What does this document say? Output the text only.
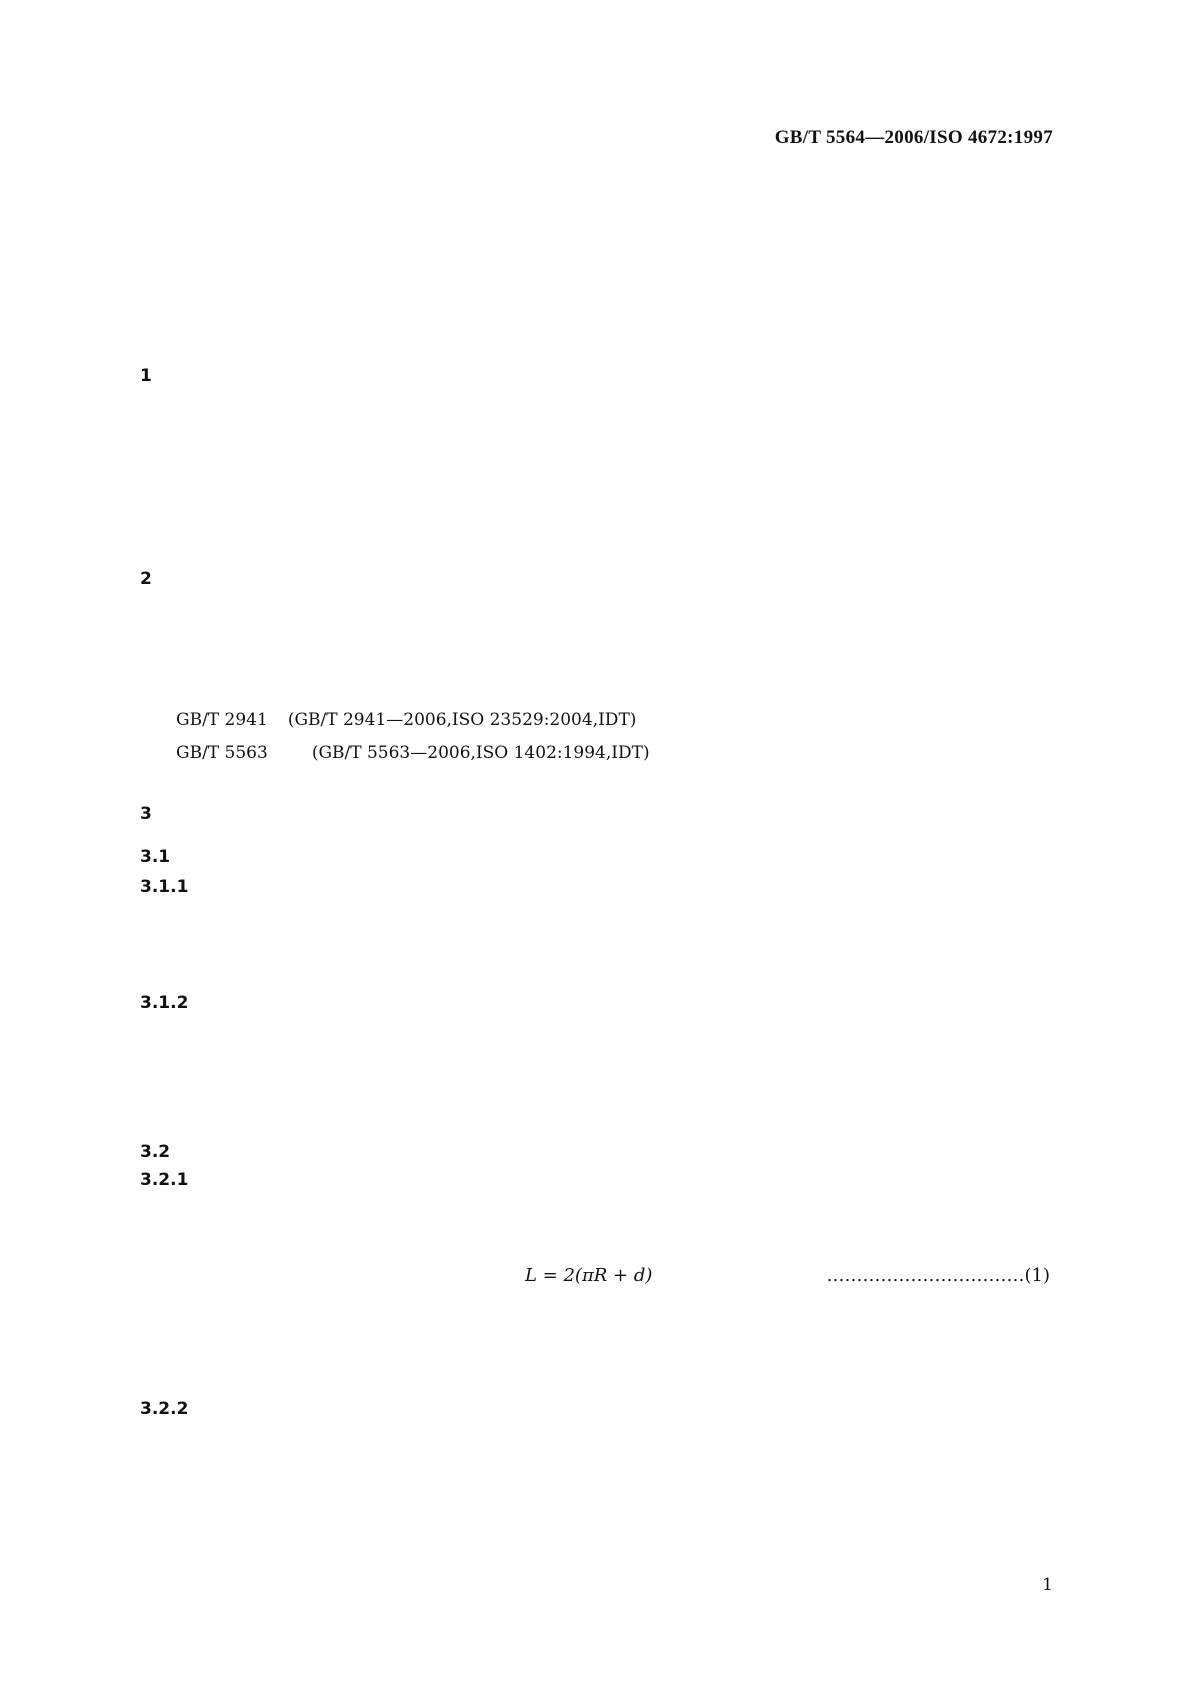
GB/T 5564—2006/ISO 4672:1997
1
2
GB/T 2941 (GB/T 2941—2006,ISO 23529:2004,IDT)
GB/T 5563	(GB/T 5563—2006,ISO 1402:1994,IDT)
3
3.1
3.1.1
3.1.2
3.2
3.2.1
L = 2(πR + d)	……………………………(1)
3.2.2
1
